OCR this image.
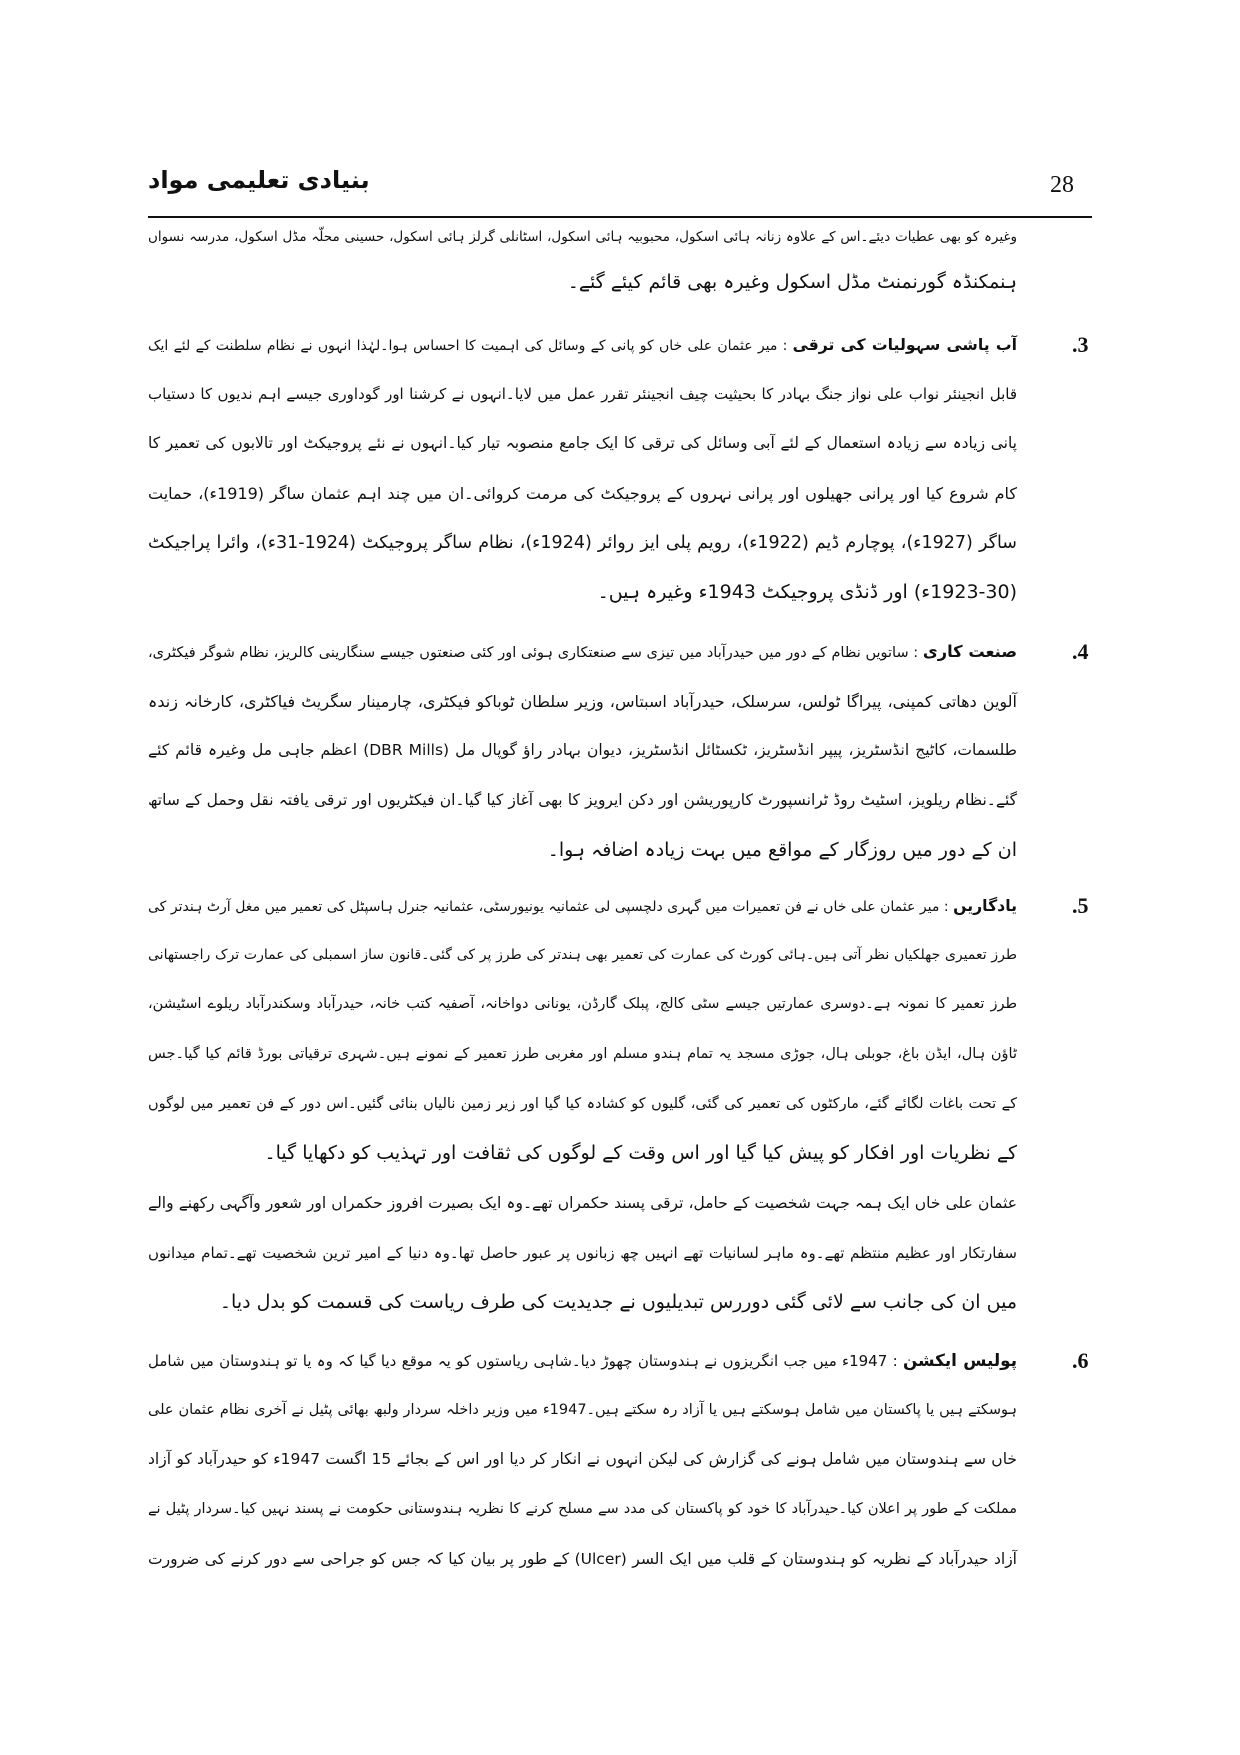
بنیادی تعلیمی مواد	28
وغیرہ کو بھی عطیات دیئے۔اس کے علاوہ زنانہ ہائی اسکول، محبوبیہ ہائی اسکول، اسٹانلی گرلز ہائی اسکول، حسینی محلّہ مڈل اسکول، مدرسہ نسواں
ہنمکنڈہ گورنمنٹ مڈل اسکول وغیرہ بھی قائم کیئے گئے۔
3.
آب پاشی سہولیات کی ترقی : میر عثمان علی خاں کو پانی کے وسائل کی اہمیت کا احساس ہوا۔لہٰذا انہوں نے نظام سلطنت کے لئے ایک
قابل انجینئر نواب علی نواز جنگ بہادر کا بحیثیت چیف انجینئر تقرر عمل میں لایا۔انہوں نے کرشنا اور گوداوری جیسے اہم ندیوں کا دستیاب
پانی زیادہ سے زیادہ استعمال کے لئے آبی وسائل کی ترقی کا ایک جامع منصوبہ تیار کیا۔انہوں نے نئے پروجیکٹ اور تالابوں کی تعمیر کا
کام شروع کیا اور پرانی جھیلوں اور پرانی نہروں کے پروجیکٹ کی مرمت کروائی۔ان میں چند اہم عثمان ساگر (1919ء)، حمایت
ساگر (1927ء)، پوچارم ڈیم (1922ء)، رویم پلی ایز روائر (1924ء)، نظام ساگر پروجیکٹ (1924-31ء)، وائرا پراجیکٹ
(1923-30ء) اور ڈنڈی پروجیکٹ 1943ء وغیرہ ہیں۔
4.
صنعت کاری : ساتویں نظام کے دور میں حیدرآباد میں تیزی سے صنعتکاری ہوئی اور کئی صنعتوں جیسے سنگارینی کالریز، نظام شوگر فیکٹری،
آلوین دھاتی کمپنی، پیراگا ٹولس، سرسلک، حیدرآباد اسبتاس، وزیر سلطان ٹوباکو فیکٹری، چارمینار سگریٹ فیاکٹری، کارخانہ زندہ
طلسمات، کاٹیج انڈسٹریز، پیپر انڈسٹریز، ٹکسٹائل انڈسٹریز، دیوان بہادر راؤ گوپال مل (DBR Mills) اعظم جاہی مل وغیرہ قائم کئے
گئے۔نظام ریلویز، اسٹیٹ روڈ ٹرانسپورٹ کارپوریشن اور دکن ایرویز کا بھی آغاز کیا گیا۔ان فیکٹریوں اور ترقی یافتہ نقل وحمل کے ساتھ
ان کے دور میں روزگار کے مواقع میں بہت زیادہ اضافہ ہوا۔
5.
یادگاریں : میر عثمان علی خاں نے فن تعمیرات میں گہری دلچسپی لی عثمانیہ یونیورسٹی، عثمانیہ جنرل ہاسپٹل کی تعمیر میں مغل آرٹ ہندتر کی
طرز تعمیری جھلکیاں نظر آتی ہیں۔ہائی کورٹ کی عمارت کی تعمیر بھی ہندتر کی طرز پر کی گئی۔قانون ساز اسمبلی کی عمارت ترک راجستھانی
طرز تعمیر کا نمونہ ہے۔دوسری عمارتیں جیسے سٹی کالج، پبلک گارڈن، یونانی دواخانہ، آصفیہ کتب خانہ، حیدرآباد وسکندرآباد ریلوے اسٹیشن،
ٹاؤن ہال، ایڈن باغ، جوبلی ہال، جوڑی مسجد یہ تمام ہندو مسلم اور مغربی طرز تعمیر کے نمونے ہیں۔شہری ترقیاتی بورڈ قائم کیا گیا۔جس
کے تحت باغات لگائے گئے، مارکٹوں کی تعمیر کی گئی، گلیوں کو کشادہ کیا گیا اور زیر زمین نالیاں بنائی گئیں۔اس دور کے فن تعمیر میں لوگوں
کے نظریات اور افکار کو پیش کیا گیا اور اس وقت کے لوگوں کی ثقافت اور تہذیب کو دکھایا گیا۔
عثمان علی خاں ایک ہمہ جہت شخصیت کے حامل، ترقی پسند حکمراں تھے۔وہ ایک بصیرت افروز حکمراں اور شعور وآگہی رکھنے والے
سفارتکار اور عظیم منتظم تھے۔وہ ماہر لسانیات تھے انہیں چھ زبانوں پر عبور حاصل تھا۔وہ دنیا کے امیر ترین شخصیت تھے۔تمام میدانوں
میں ان کی جانب سے لائی گئی دوررس تبدیلیوں نے جدیدیت کی طرف ریاست کی قسمت کو بدل دیا۔
6.
پولیس ایکشن : 1947ء میں جب انگریزوں نے ہندوستان چھوڑ دیا۔شاہی ریاستوں کو یہ موقع دیا گیا کہ وہ یا تو ہندوستان میں شامل
ہوسکتے ہیں یا پاکستان میں شامل ہوسکتے ہیں یا آزاد رہ سکتے ہیں۔1947ء میں وزیر داخلہ سردار ولبھ بھائی پٹیل نے آخری نظام عثمان علی
خاں سے ہندوستان میں شامل ہونے کی گزارش کی لیکن انہوں نے انکار کر دیا اور اس کے بجائے 15 اگست 1947ء کو حیدرآباد کو آزاد
مملکت کے طور پر اعلان کیا۔حیدرآباد کا خود کو پاکستان کی مدد سے مسلح کرنے کا نظریہ ہندوستانی حکومت نے پسند نہیں کیا۔سردار پٹیل نے
آزاد حیدرآباد کے نظریہ کو ہندوستان کے قلب میں ایک السر (Ulcer) کے طور پر بیان کیا کہ جس کو جراحی سے دور کرنے کی ضرورت
